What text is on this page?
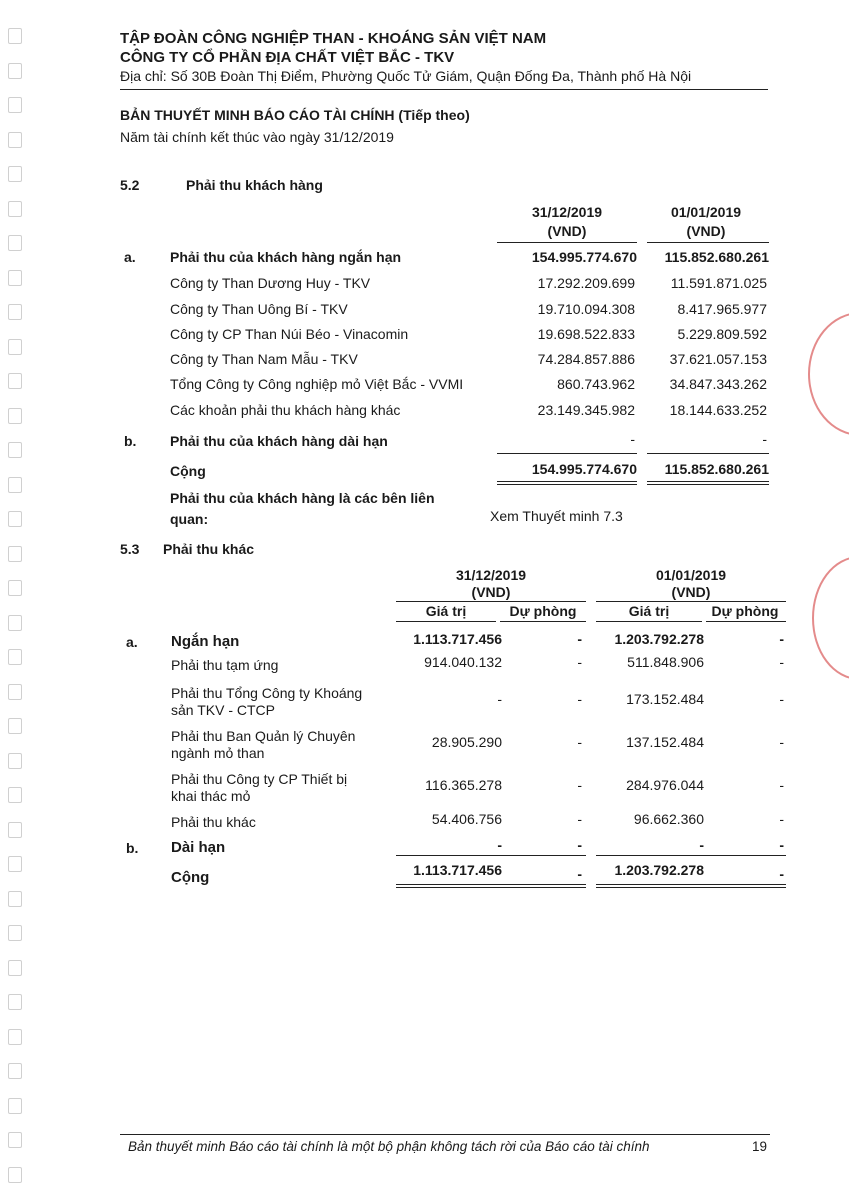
TẬP ĐOÀN CÔNG NGHIỆP THAN - KHOÁNG SẢN VIỆT NAM
CÔNG TY CỔ PHẦN ĐỊA CHẤT VIỆT BẮC - TKV
Địa chỉ: Số 30B Đoàn Thị Điểm, Phường Quốc Tử Giám, Quận Đống Đa, Thành phố Hà Nội
BẢN THUYẾT MINH BÁO CÁO TÀI CHÍNH (Tiếp theo)
Năm tài chính kết thúc vào ngày 31/12/2019
5.2	Phải thu khách hàng
31/12/2019
(VND)
01/01/2019
(VND)
a. Phải thu của khách hàng ngắn hạn	154.995.774.670	115.852.680.261
Công ty Than Dương Huy - TKV	17.292.209.699	11.591.871.025
Công ty Than Uông Bí - TKV	19.710.094.308	8.417.965.977
Công ty CP Than Núi Béo - Vinacomin	19.698.522.833	5.229.809.592
Công ty Than Nam Mẫu - TKV	74.284.857.886	37.621.057.153
Tổng Công ty Công nghiệp mỏ Việt Bắc - VVMI	860.743.962	34.847.343.262
Các khoản phải thu khách hàng khác	23.149.345.982	18.144.633.252
b. Phải thu của khách hàng dài hạn	-	-
Cộng	154.995.774.670	115.852.680.261
Phải thu của khách hàng là các bên liên
quan:	Xem Thuyết minh 7.3
5.3 Phải thu khác
31/12/2019
(VND)
01/01/2019
(VND)
Giá trị	Dự phòng	Giá trị	Dự phòng
a. Ngắn hạn	1.113.717.456	-	1.203.792.278	-
Phải thu tạm ứng	914.040.132	-	511.848.906	-
Phải thu Tổng Công ty Khoáng
sản TKV - CTCP
-	-	173.152.484	-
Phải thu Ban Quản lý Chuyên
ngành mỏ than
28.905.290	-	137.152.484	-
Phải thu Công ty CP Thiết bị
khai thác mỏ
116.365.278	-	284.976.044	-
Phải thu khác	54.406.756	-	96.662.360	-
b. Dài hạn	-	-	-	-
Cộng	1.113.717.456	-	1.203.792.278	-
Bản thuyết minh Báo cáo tài chính là một bộ phận không tách rời của Báo cáo tài chính	19
